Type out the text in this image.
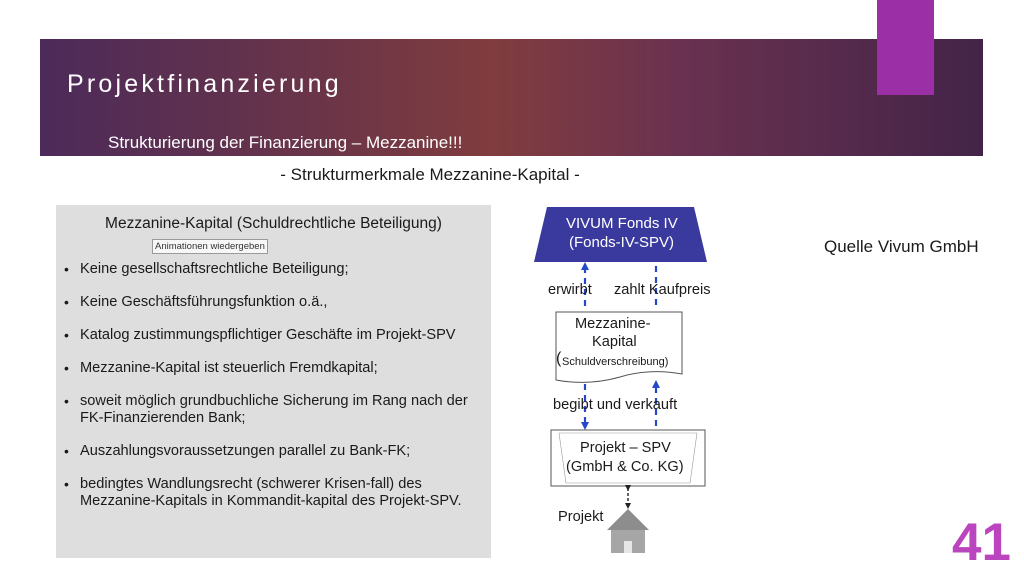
Projektfinanzierung
Strukturierung der Finanzierung – Mezzanine!!!
- Strukturmerkmale Mezzanine-Kapital -
Mezzanine-Kapital (Schuldrechtliche Beteiligung)
Animationen wiedergeben
• Keine gesellschaftsrechtliche Beteiligung;
• Keine Geschäftsführungsfunktion o.ä.,
• Katalog zustimmungspflichtiger Geschäfte im Projekt-SPV
• Mezzanine-Kapital ist steuerlich Fremdkapital;
• soweit möglich grundbuchliche Sicherung im Rang nach der FK-Finanzierenden Bank;
• Auszahlungsvoraussetzungen parallel zu Bank-FK;
• bedingtes Wandlungsrecht (schwerer Krisen-fall) des Mezzanine-Kapitals in Kommandit-kapital des Projekt-SPV.
VIVUM Fonds IV
(Fonds-IV-SPV)
erwirbt zahlt Kaufpreis
Mezzanine-
Kapital
( Schuldverschreibung)
begibt und verkauft
Projekt – SPV
(GmbH & Co. KG)
Projekt
Quelle Vivum GmbH
41
